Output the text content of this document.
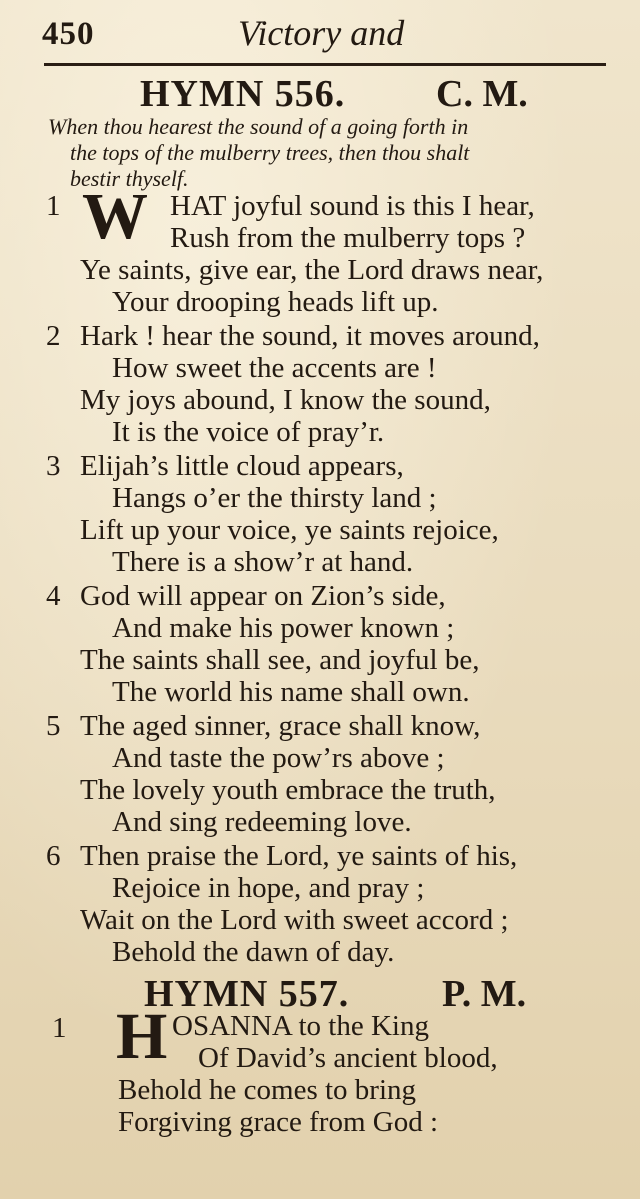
450	Victory and
HYMN 556. C. M.
When thou hearest the sound of a going forth in
the tops of the mulberry trees, then thou shalt
bestir thyself.
1 W HAT joyful sound is this I hear,
Rush from the mulberry tops ?
Ye saints, give ear, the Lord draws near,
Your drooping heads lift up.
2 Hark ! hear the sound, it moves around,
How sweet the accents are !
My joys abound, I know the sound,
It is the voice of pray’r.
3 Elijah’s little cloud appears,
Hangs o’er the thirsty land ;
Lift up your voice, ye saints rejoice,
There is a show’r at hand.
4 God will appear on Zion’s side,
And make his power known ;
The saints shall see, and joyful be,
The world his name shall own.
5 The aged sinner, grace shall know,
And taste the pow’rs above ;
The lovely youth embrace the truth,
And sing redeeming love.
6 Then praise the Lord, ye saints of his,
Rejoice in hope, and pray ;
Wait on the Lord with sweet accord ;
Behold the dawn of day.
HYMN 557. P. M.
1 H OSANNA to the King
Of David’s ancient blood,
Behold he comes to bring
Forgiving grace from God :
